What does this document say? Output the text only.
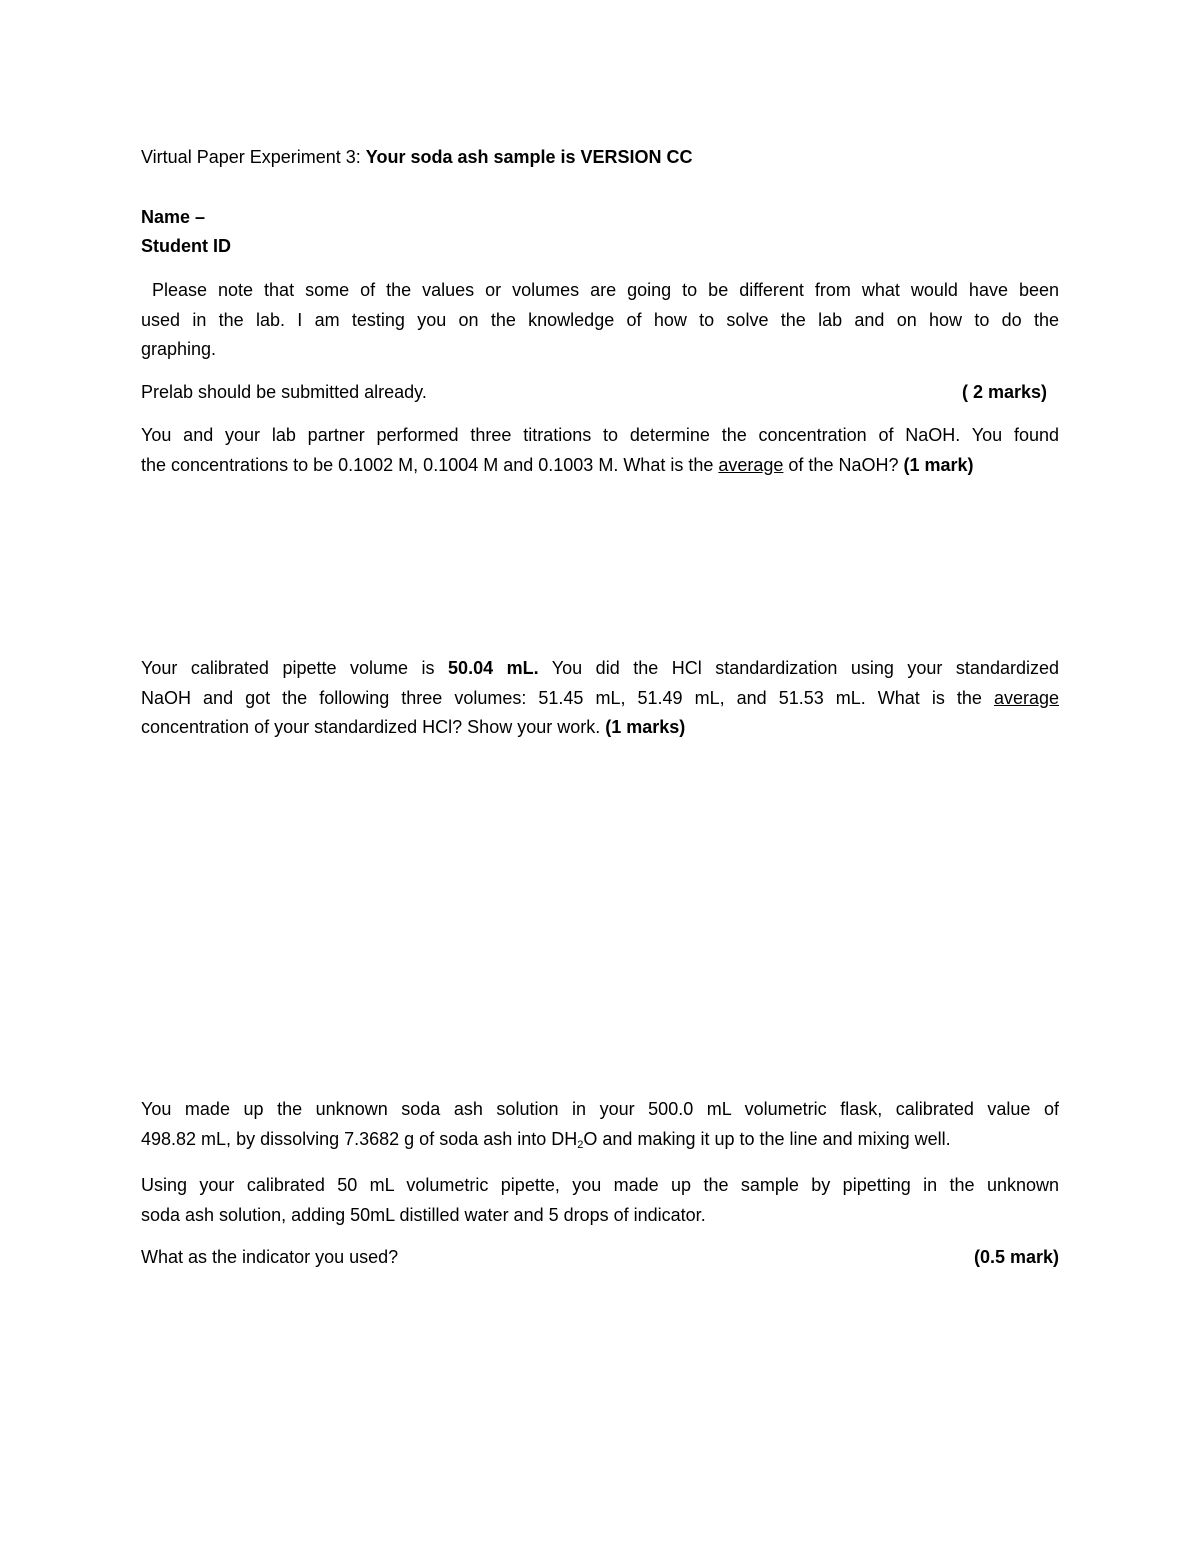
Virtual Paper Experiment 3: Your soda ash sample is VERSION CC
Name –
Student ID
Please note that some of the values or volumes are going to be different from what would have been
used in the lab. I am testing you on the knowledge of how to solve the lab and on how to do the
graphing.
Prelab should be submitted already.	( 2 marks)
You and your lab partner performed three titrations to determine the concentration of NaOH. You found
the concentrations to be 0.1002 M, 0.1004 M and 0.1003 M. What is the average of the NaOH? (1 mark)
Your calibrated pipette volume is 50.04 mL. You did the HCl standardization using your standardized
NaOH and got the following three volumes: 51.45 mL, 51.49 mL, and 51.53 mL. What is the average
concentration of your standardized HCl? Show your work. (1 marks)
You made up the unknown soda ash solution in your 500.0 mL volumetric flask, calibrated value of
498.82 mL, by dissolving 7.3682 g of soda ash into $DH_2O$ and making it up to the line and mixing well.
Using your calibrated 50 mL volumetric pipette, you made up the sample by pipetting in the unknown
soda ash solution, adding 50mL distilled water and 5 drops of indicator.
What as the indicator you used?	(0.5 mark)
